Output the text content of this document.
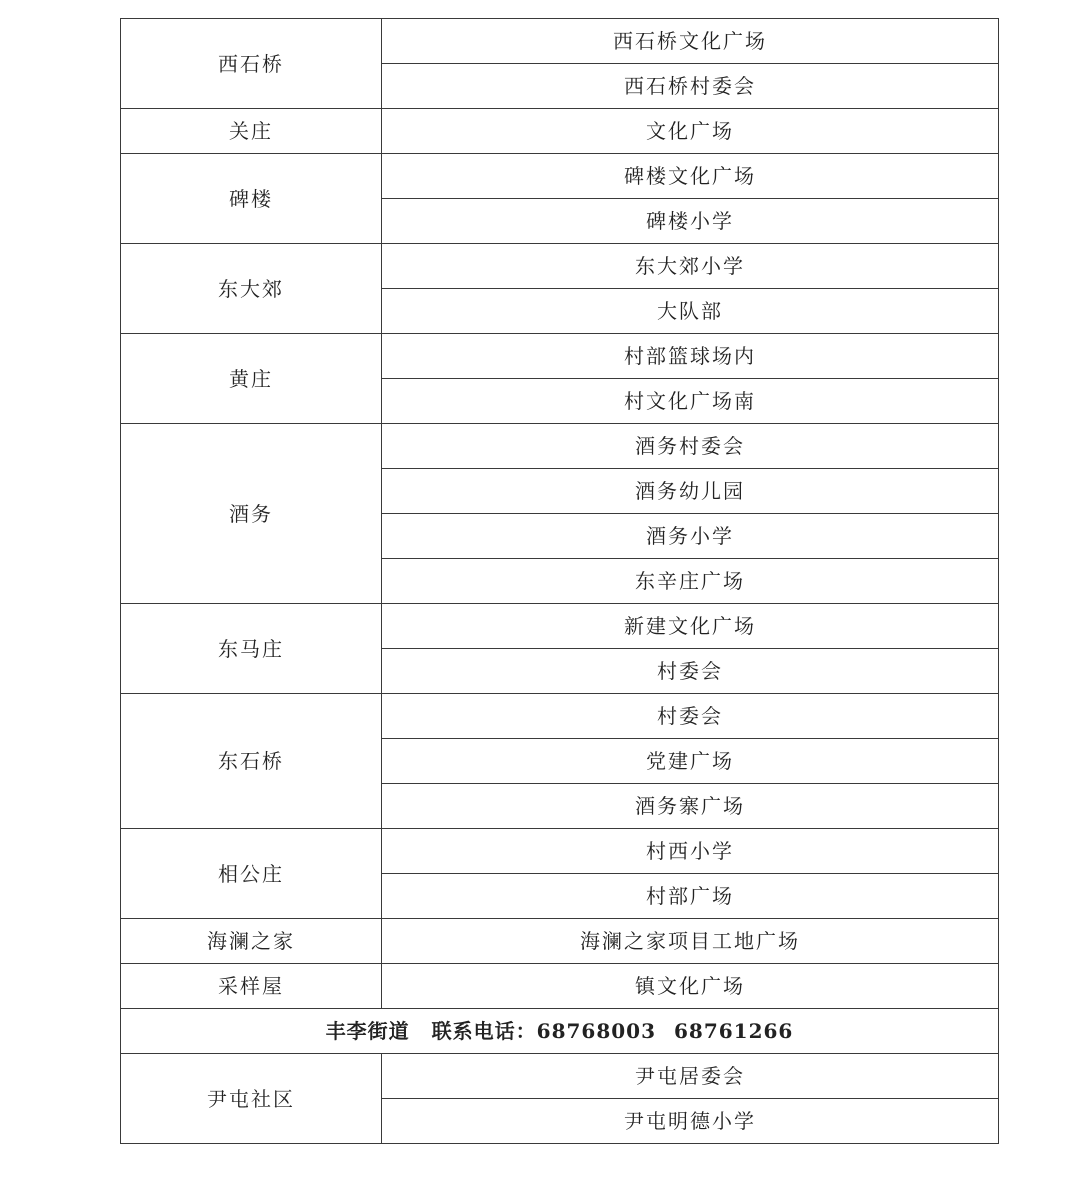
西石桥	西石桥文化广场
	西石桥村委会
关庄	文化广场
碑楼	碑楼文化广场
	碑楼小学
东大郊	东大郊小学
	大队部
黄庄	村部篮球场内
	村文化广场南
酒务	酒务村委会
	酒务幼儿园
	酒务小学
	东辛庄广场
东马庄	新建文化广场
	村委会
东石桥	村委会
	党建广场
	酒务寨广场
相公庄	村西小学
	村部广场
海澜之家	海澜之家项目工地广场
采样屋	镇文化广场
丰李街道 联系电话：68768003 68761266	
尹屯社区	尹屯居委会
	尹屯明德小学
